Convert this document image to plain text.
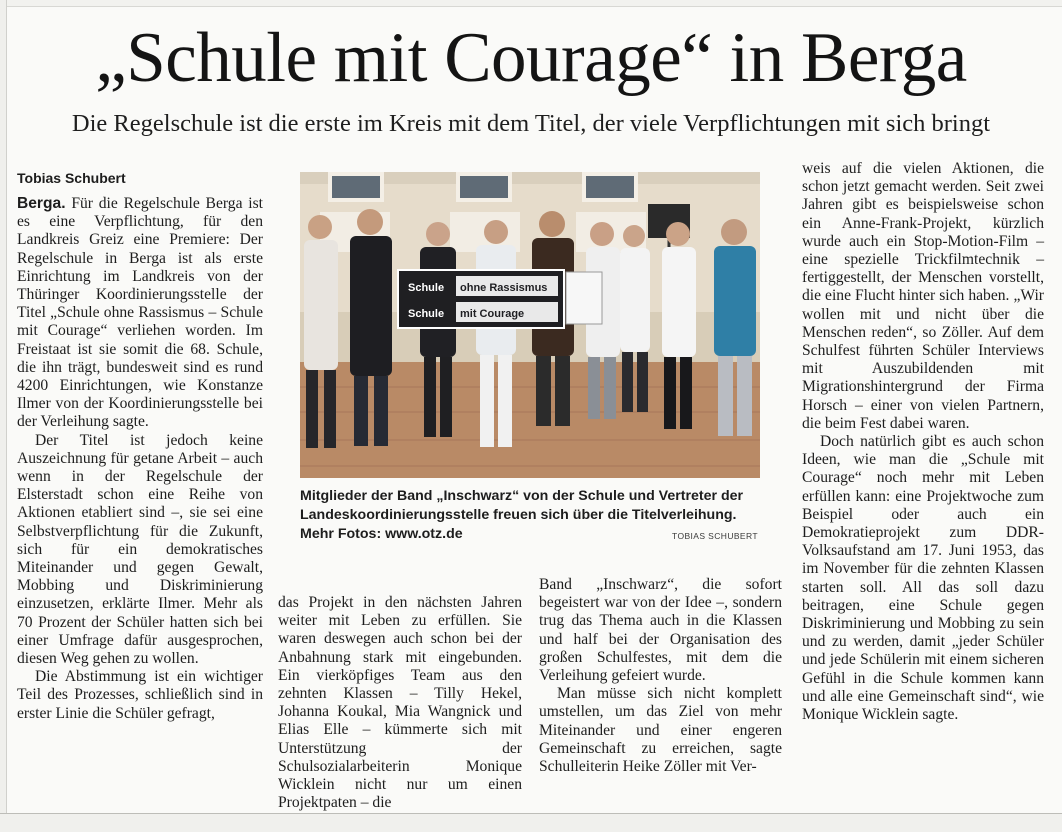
„Schule mit Courage“ in Berga
Die Regelschule ist die erste im Kreis mit dem Titel, der viele Verpflichtungen mit sich bringt
Tobias Schubert

Berga. Für die Regelschule Berga ist es eine Verpflichtung, für den Landkreis Greiz eine Premiere: Der Regelschule in Berga ist als erste Einrichtung im Landkreis von der Thüringer Koordinierungsstelle der Titel „Schule ohne Rassismus – Schule mit Courage“ verliehen worden. Im Freistaat ist sie somit die 68. Schule, die ihn trägt, bundesweit sind es rund 4200 Einrichtungen, wie Konstanze Ilmer von der Koordinierungsstelle bei der Verleihung sagte.

Der Titel ist jedoch keine Auszeichnung für getane Arbeit – auch wenn in der Regelschule der Elsterstadt schon eine Reihe von Aktionen etabliert sind –, sie sei eine Selbstverpflichtung für die Zukunft, sich für ein demokratisches Miteinander und gegen Gewalt, Mobbing und Diskriminierung einzusetzen, erklärte Ilmer. Mehr als 70 Prozent der Schüler hatten sich bei einer Umfrage dafür ausgesprochen, diesen Weg gehen zu wollen.

Die Abstimmung ist ein wichtiger Teil des Prozesses, schließlich sind in erster Linie die Schüler gefragt,

Schule ohne Rassismus
Schule mit Courage
Mitglieder der Band „Inschwarz“ von der Schule und Vertreter der Landeskoordinierungsstelle freuen sich über die Titelverleihung. Mehr Fotos: www.otz.de	TOBIAS SCHUBERT

das Projekt in den nächsten Jahren weiter mit Leben zu erfüllen. Sie waren deswegen auch schon bei der Anbahnung stark mit eingebunden. Ein vierköpfiges Team aus den zehnten Klassen – Tilly Hekel, Johanna Koukal, Mia Wangnick und Elias Elle – kümmerte sich mit Unterstützung der Schulsozialarbeiterin Monique Wicklein nicht nur um einen Projektpaten – die

Band „Inschwarz“, die sofort begeistert war von der Idee –, sondern trug das Thema auch in die Klassen und half bei der Organisation des großen Schulfestes, mit dem die Verleihung gefeiert wurde.

Man müsse sich nicht komplett umstellen, um das Ziel von mehr Miteinander und einer engeren Gemeinschaft zu erreichen, sagte Schulleiterin Heike Zöller mit Ver-

weis auf die vielen Aktionen, die schon jetzt gemacht werden. Seit zwei Jahren gibt es beispielsweise schon ein Anne-Frank-Projekt, kürzlich wurde auch ein Stop-Motion-Film – eine spezielle Trickfilmtechnik – fertiggestellt, der Menschen vorstellt, die eine Flucht hinter sich haben. „Wir wollen mit und nicht über die Menschen reden“, so Zöller. Auf dem Schulfest führten Schüler Interviews mit Auszubildenden mit Migrationshintergrund der Firma Horsch – einer von vielen Partnern, die beim Fest dabei waren.

Doch natürlich gibt es auch schon Ideen, wie man die „Schule mit Courage“ noch mehr mit Leben erfüllen kann: eine Projektwoche zum Beispiel oder auch ein Demokratieprojekt zum DDR-Volksaufstand am 17. Juni 1953, das im November für die zehnten Klassen starten soll. All das soll dazu beitragen, eine Schule gegen Diskriminierung und Mobbing zu sein und zu werden, damit „jeder Schüler und jede Schülerin mit einem sicheren Gefühl in die Schule kommen kann und alle eine Gemeinschaft sind“, wie Monique Wicklein sagte.
